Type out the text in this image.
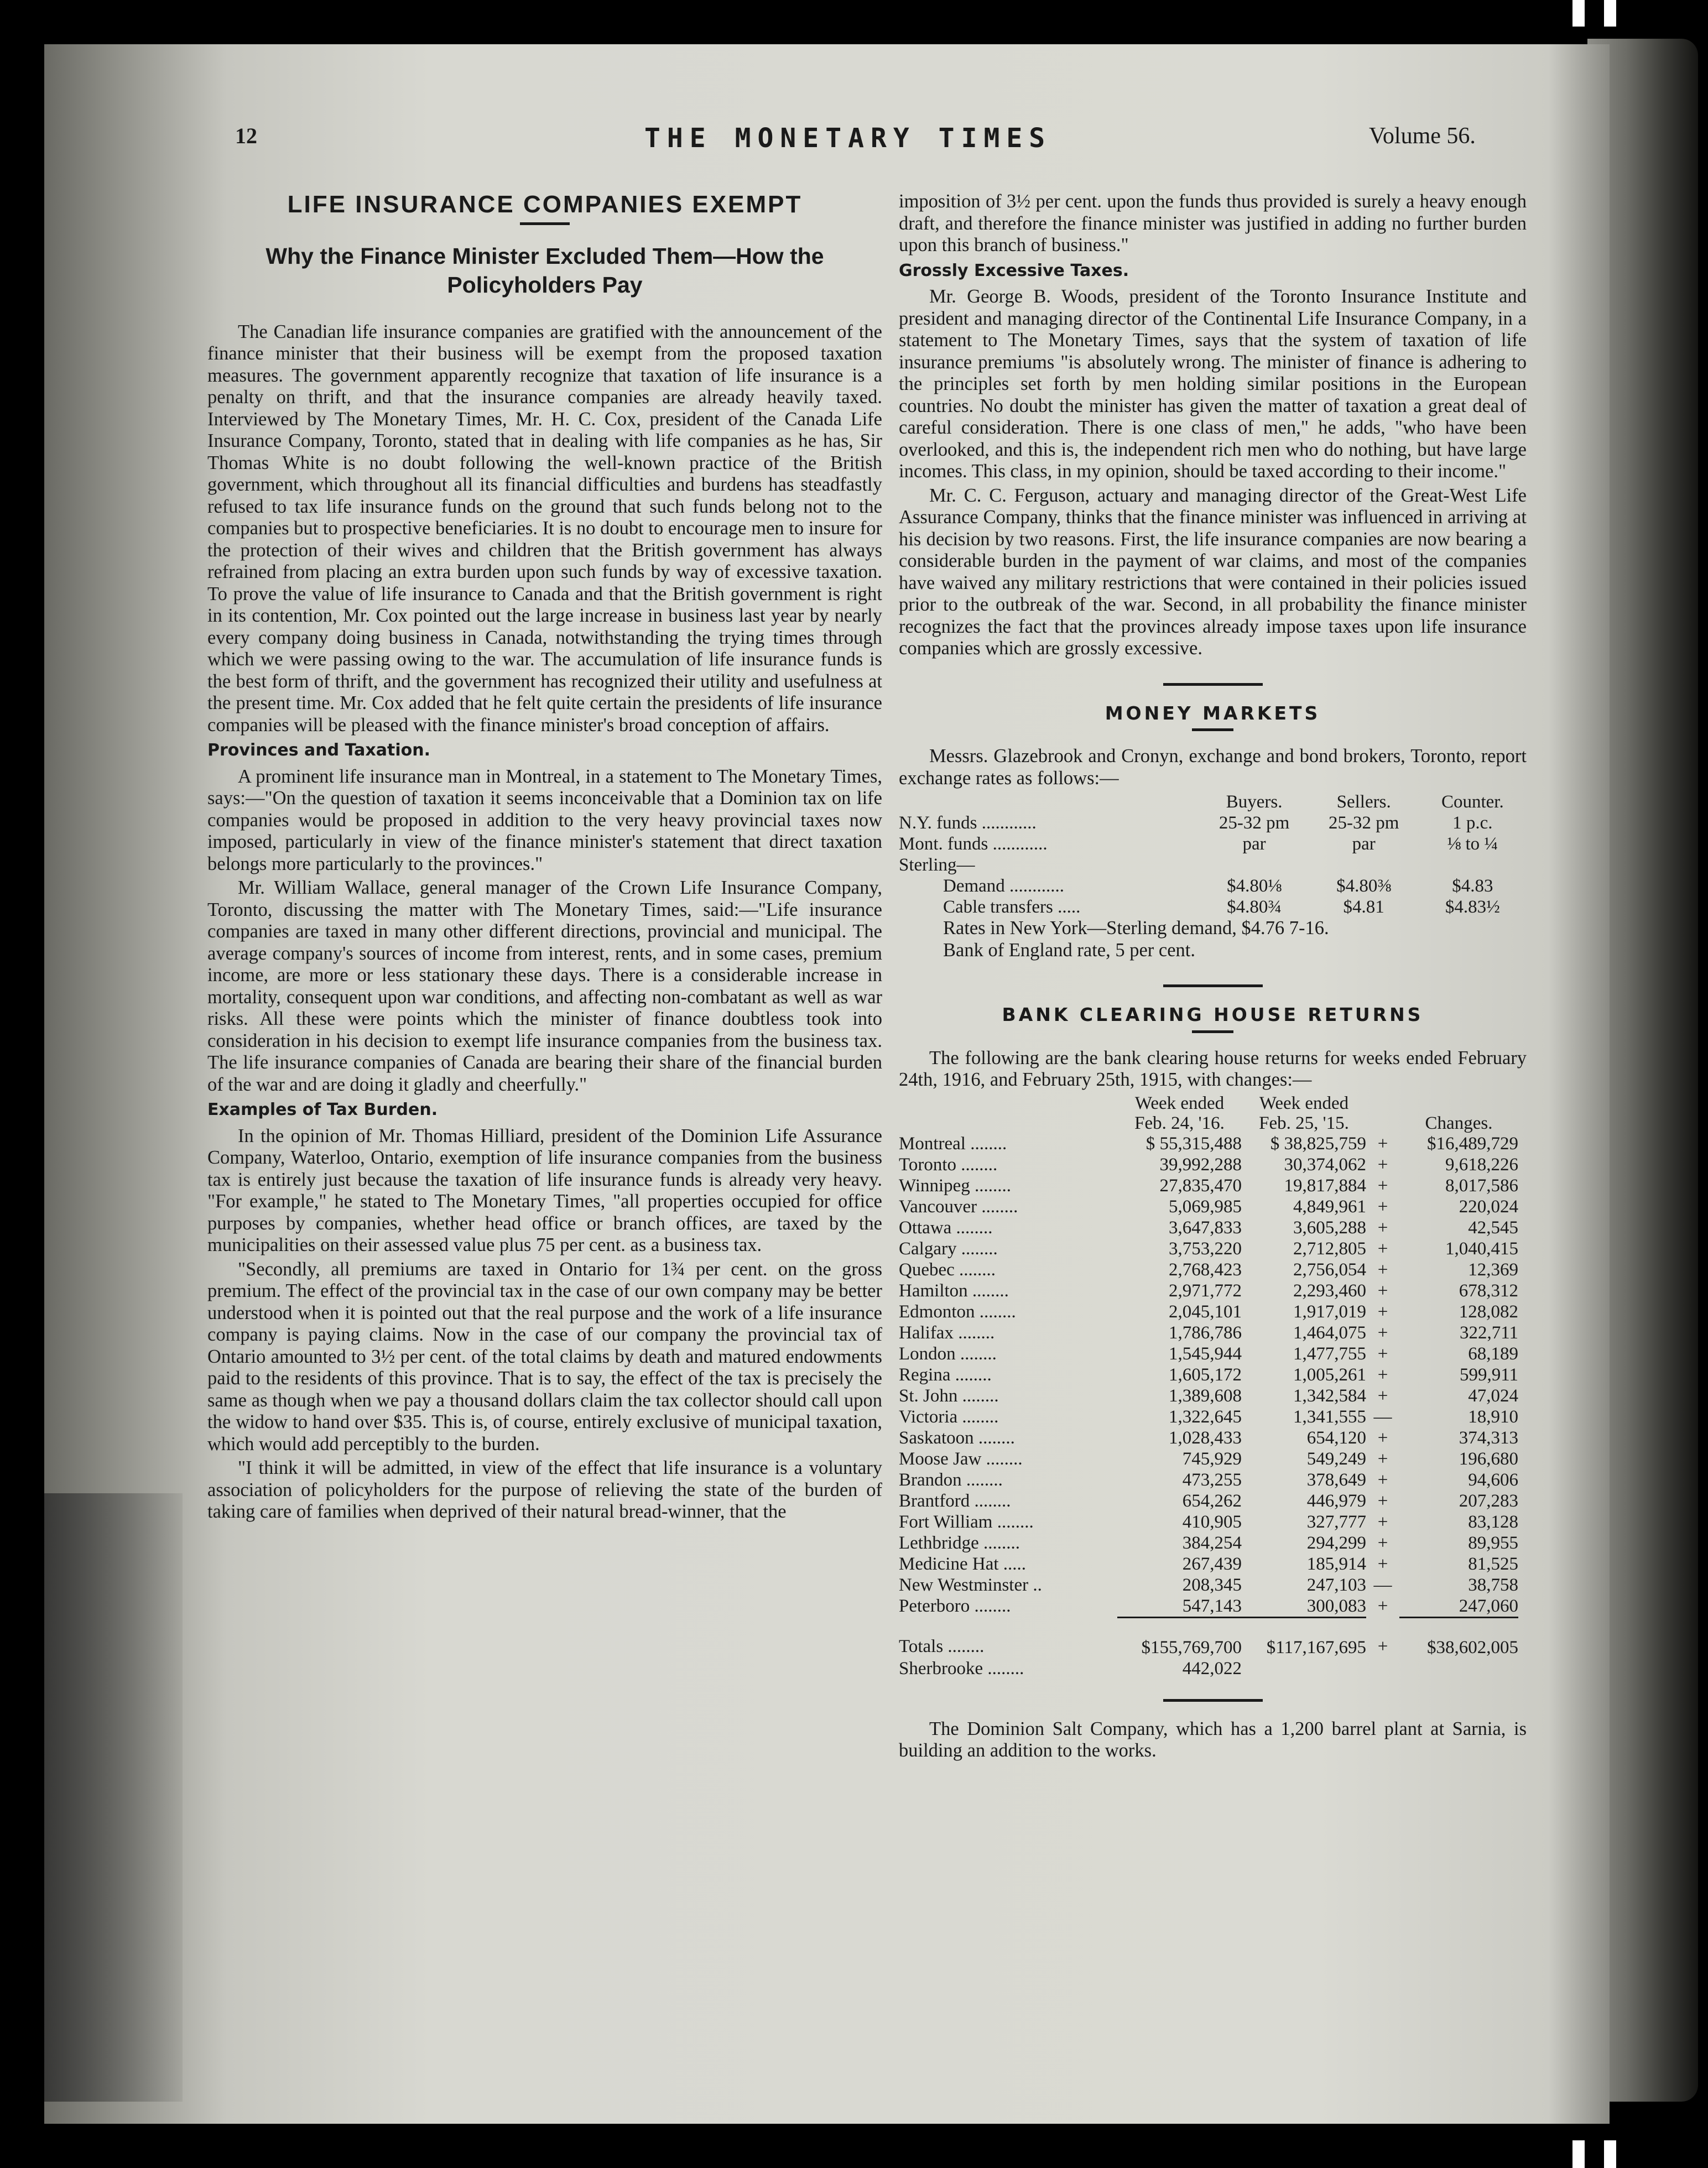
12	THE MONETARY TIMES	Volume 56.
LIFE INSURANCE COMPANIES EXEMPT
Why the Finance Minister Excluded Them—How the Policyholders Pay

The Canadian life insurance companies are gratified with the announcement of the finance minister that their business will be exempt from the proposed taxation measures. The government apparently recognize that taxation of life insurance is a penalty on thrift, and that the insurance companies are already heavily taxed. Interviewed by The Monetary Times, Mr. H. C. Cox, president of the Canada Life Insurance Company, Toronto, stated that in dealing with life companies as he has, Sir Thomas White is no doubt following the well-known practice of the British government, which throughout all its financial difficulties and burdens has steadfastly refused to tax life insurance funds on the ground that such funds belong not to the companies but to prospective beneficiaries. It is no doubt to encourage men to insure for the protection of their wives and children that the British government has always refrained from placing an extra burden upon such funds by way of excessive taxation. To prove the value of life insurance to Canada and that the British government is right in its contention, Mr. Cox pointed out the large increase in business last year by nearly every company doing business in Canada, notwithstanding the trying times through which we were passing owing to the war. The accumulation of life insurance funds is the best form of thrift, and the government has recognized their utility and usefulness at the present time. Mr. Cox added that he felt quite certain the presidents of life insurance companies will be pleased with the finance minister's broad conception of affairs.

Provinces and Taxation.

A prominent life insurance man in Montreal, in a statement to The Monetary Times, says:—"On the question of taxation it seems inconceivable that a Dominion tax on life companies would be proposed in addition to the very heavy provincial taxes now imposed, particularly in view of the finance minister's statement that direct taxation belongs more particularly to the provinces."

Mr. William Wallace, general manager of the Crown Life Insurance Company, Toronto, discussing the matter with The Monetary Times, said:—"Life insurance companies are taxed in many other different directions, provincial and municipal. The average company's sources of income from interest, rents, and in some cases, premium income, are more or less stationary these days. There is a considerable increase in mortality, consequent upon war conditions, and affecting non-combatant as well as war risks. All these were points which the minister of finance doubtless took into consideration in his decision to exempt life insurance companies from the business tax. The life insurance companies of Canada are bearing their share of the financial burden of the war and are doing it gladly and cheerfully."

Examples of Tax Burden.

In the opinion of Mr. Thomas Hilliard, president of the Dominion Life Assurance Company, Waterloo, Ontario, exemption of life insurance companies from the business tax is entirely just because the taxation of life insurance funds is already very heavy. "For example," he stated to The Monetary Times, "all properties occupied for office purposes by companies, whether head office or branch offices, are taxed by the municipalities on their assessed value plus 75 per cent. as a business tax.

"Secondly, all premiums are taxed in Ontario for 1¾ per cent. on the gross premium. The effect of the provincial tax in the case of our own company may be better understood when it is pointed out that the real purpose and the work of a life insurance company is paying claims. Now in the case of our company the provincial tax of Ontario amounted to 3½ per cent. of the total claims by death and matured endowments paid to the residents of this province. That is to say, the effect of the tax is precisely the same as though when we pay a thousand dollars claim the tax collector should call upon the widow to hand over $35. This is, of course, entirely exclusive of municipal taxation, which would add perceptibly to the burden.

"I think it will be admitted, in view of the effect that life insurance is a voluntary association of policyholders for the purpose of relieving the state of the burden of taking care of families when deprived of their natural bread-winner, that the

imposition of 3½ per cent. upon the funds thus provided is surely a heavy enough draft, and therefore the finance minister was justified in adding no further burden upon this branch of business."
Grossly Excessive Taxes.

Mr. George B. Woods, president of the Toronto Insurance Institute and president and managing director of the Continental Life Insurance Company, in a statement to The Monetary Times, says that the system of taxation of life insurance premiums "is absolutely wrong. The minister of finance is adhering to the principles set forth by men holding similar positions in the European countries. No doubt the minister has given the matter of taxation a great deal of careful consideration. There is one class of men," he adds, "who have been overlooked, and this is, the independent rich men who do nothing, but have large incomes. This class, in my opinion, should be taxed according to their income."

Mr. C. C. Ferguson, actuary and managing director of the Great-West Life Assurance Company, thinks that the finance minister was influenced in arriving at his decision by two reasons. First, the life insurance companies are now bearing a considerable burden in the payment of war claims, and most of the companies have waived any military restrictions that were contained in their policies issued prior to the outbreak of the war. Second, in all probability the finance minister recognizes the fact that the provinces already impose taxes upon life insurance companies which are grossly excessive.

MONEY MARKETS

Messrs. Glazebrook and Cronyn, exchange and bond brokers, Toronto, report exchange rates as follows:—

	Buyers.	Sellers.	Counter.
N.Y. funds ............	25-32 pm	25-32 pm	1 p.c.
Mont. funds ............	par	par	⅛ to ¼
Sterling—			
Demand ............	$4.80⅛	$4.80⅜	$4.83
Cable transfers .....	$4.80¾	$4.81	$4.83½
Rates in New York—Sterling demand, $4.76 7-16.
Bank of England rate, 5 per cent.
BANK CLEARING HOUSE RETURNS

The following are the bank clearing house returns for weeks ended February 24th, 1916, and February 25th, 1915, with changes:—

	Week ended	Week ended		
	Feb. 24, '16.	Feb. 25, '15.		Changes.
Montreal ........	$ 55,315,488	$ 38,825,759	+	$16,489,729
Toronto ........	39,992,288	30,374,062	+	9,618,226
Winnipeg ........	27,835,470	19,817,884	+	8,017,586
Vancouver ........	5,069,985	4,849,961	+	220,024
Ottawa ........	3,647,833	3,605,288	+	42,545
Calgary ........	3,753,220	2,712,805	+	1,040,415
Quebec ........	2,768,423	2,756,054	+	12,369
Hamilton ........	2,971,772	2,293,460	+	678,312
Edmonton ........	2,045,101	1,917,019	+	128,082
Halifax ........	1,786,786	1,464,075	+	322,711
London ........	1,545,944	1,477,755	+	68,189
Regina ........	1,605,172	1,005,261	+	599,911
St. John ........	1,389,608	1,342,584	+	47,024
Victoria ........	1,322,645	1,341,555	—	18,910
Saskatoon ........	1,028,433	654,120	+	374,313
Moose Jaw ........	745,929	549,249	+	196,680
Brandon ........	473,255	378,649	+	94,606
Brantford ........	654,262	446,979	+	207,283
Fort William ........	410,905	327,777	+	83,128
Lethbridge ........	384,254	294,299	+	89,955
Medicine Hat .....	267,439	185,914	+	81,525
New Westminster ..	208,345	247,103	—	38,758
Peterboro ........	547,143	300,083	+	247,060
Totals ........	$155,769,700	$117,167,695	+	$38,602,005
Sherbrooke ........	442,022			

The Dominion Salt Company, which has a 1,200 barrel plant at Sarnia, is building an addition to the works.
